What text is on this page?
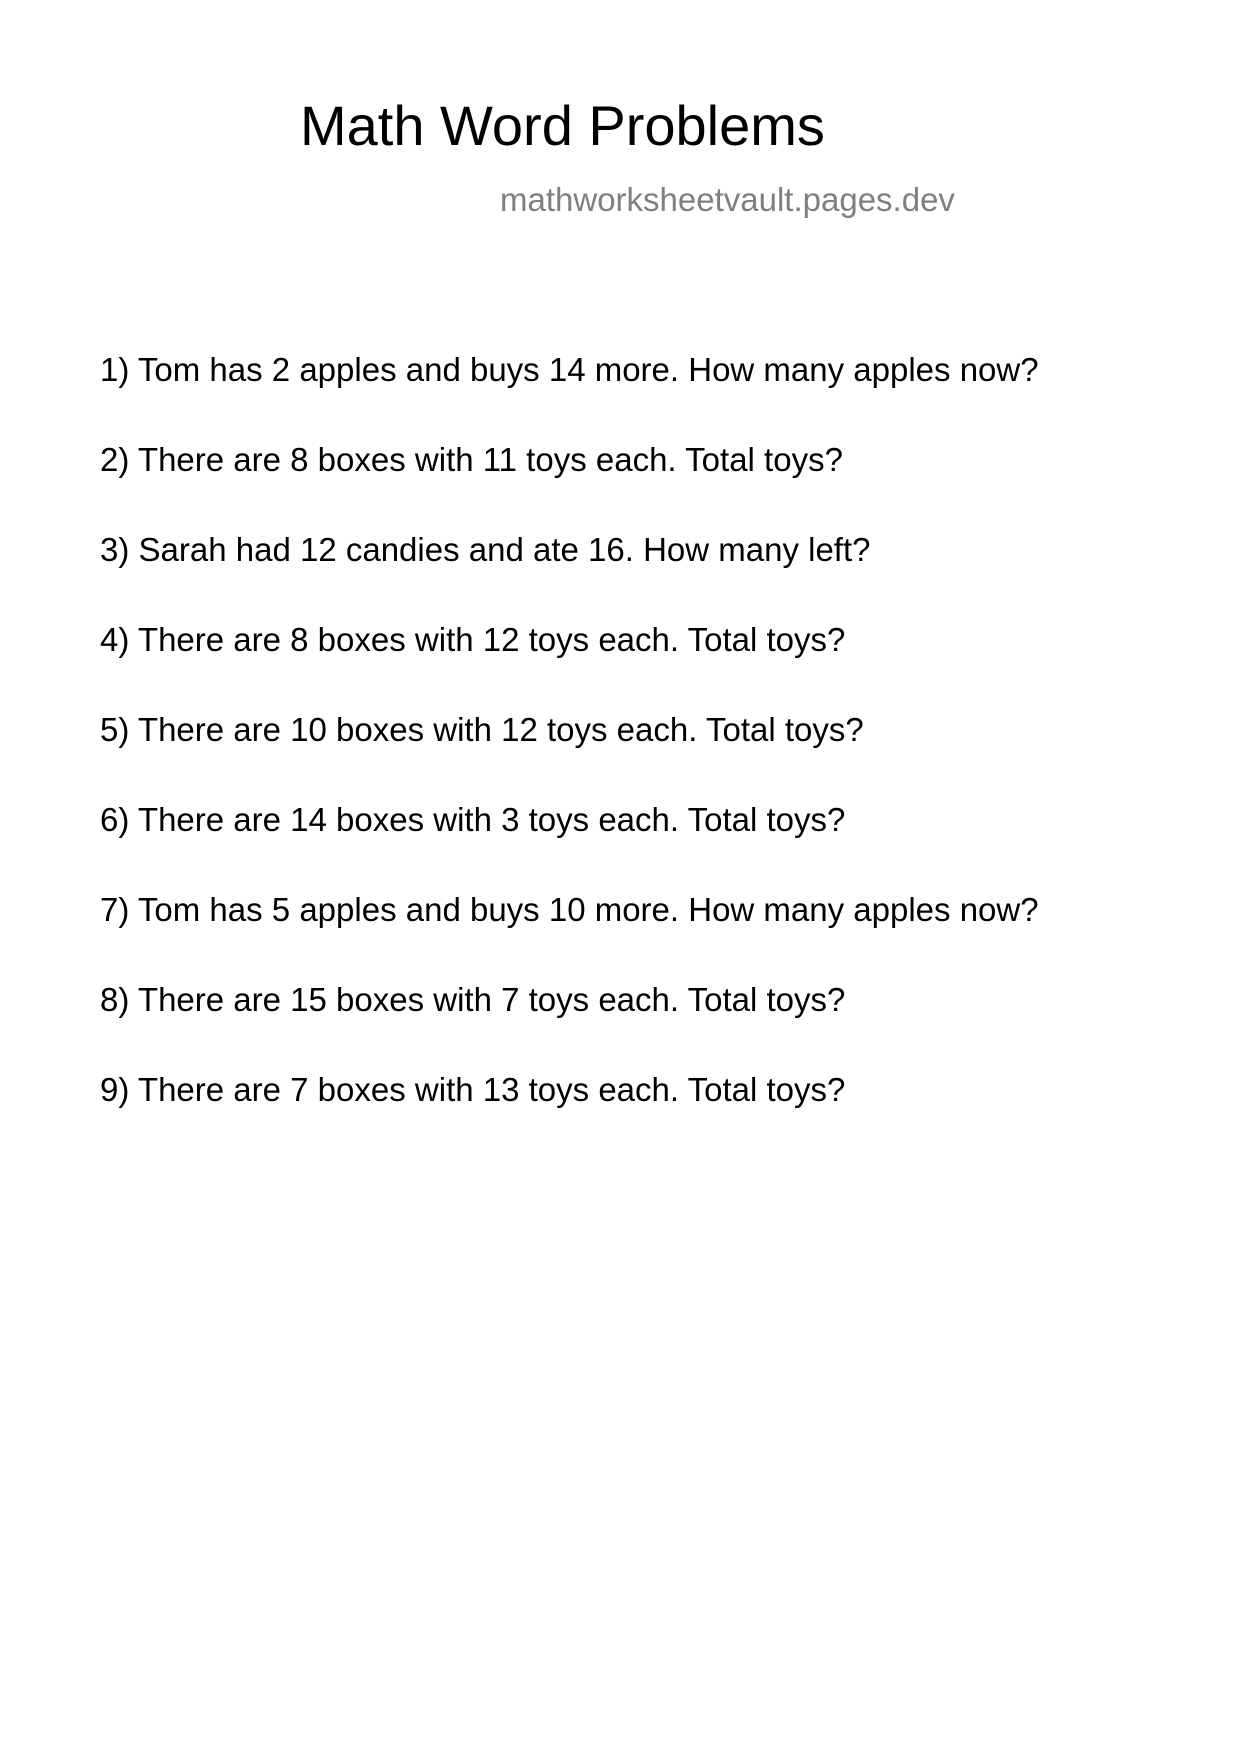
Math Word Problems
mathworksheetvault.pages.dev
1) Tom has 2 apples and buys 14 more. How many apples now?
2) There are 8 boxes with 11 toys each. Total toys?
3) Sarah had 12 candies and ate 16. How many left?
4) There are 8 boxes with 12 toys each. Total toys?
5) There are 10 boxes with 12 toys each. Total toys?
6) There are 14 boxes with 3 toys each. Total toys?
7) Tom has 5 apples and buys 10 more. How many apples now?
8) There are 15 boxes with 7 toys each. Total toys?
9) There are 7 boxes with 13 toys each. Total toys?
